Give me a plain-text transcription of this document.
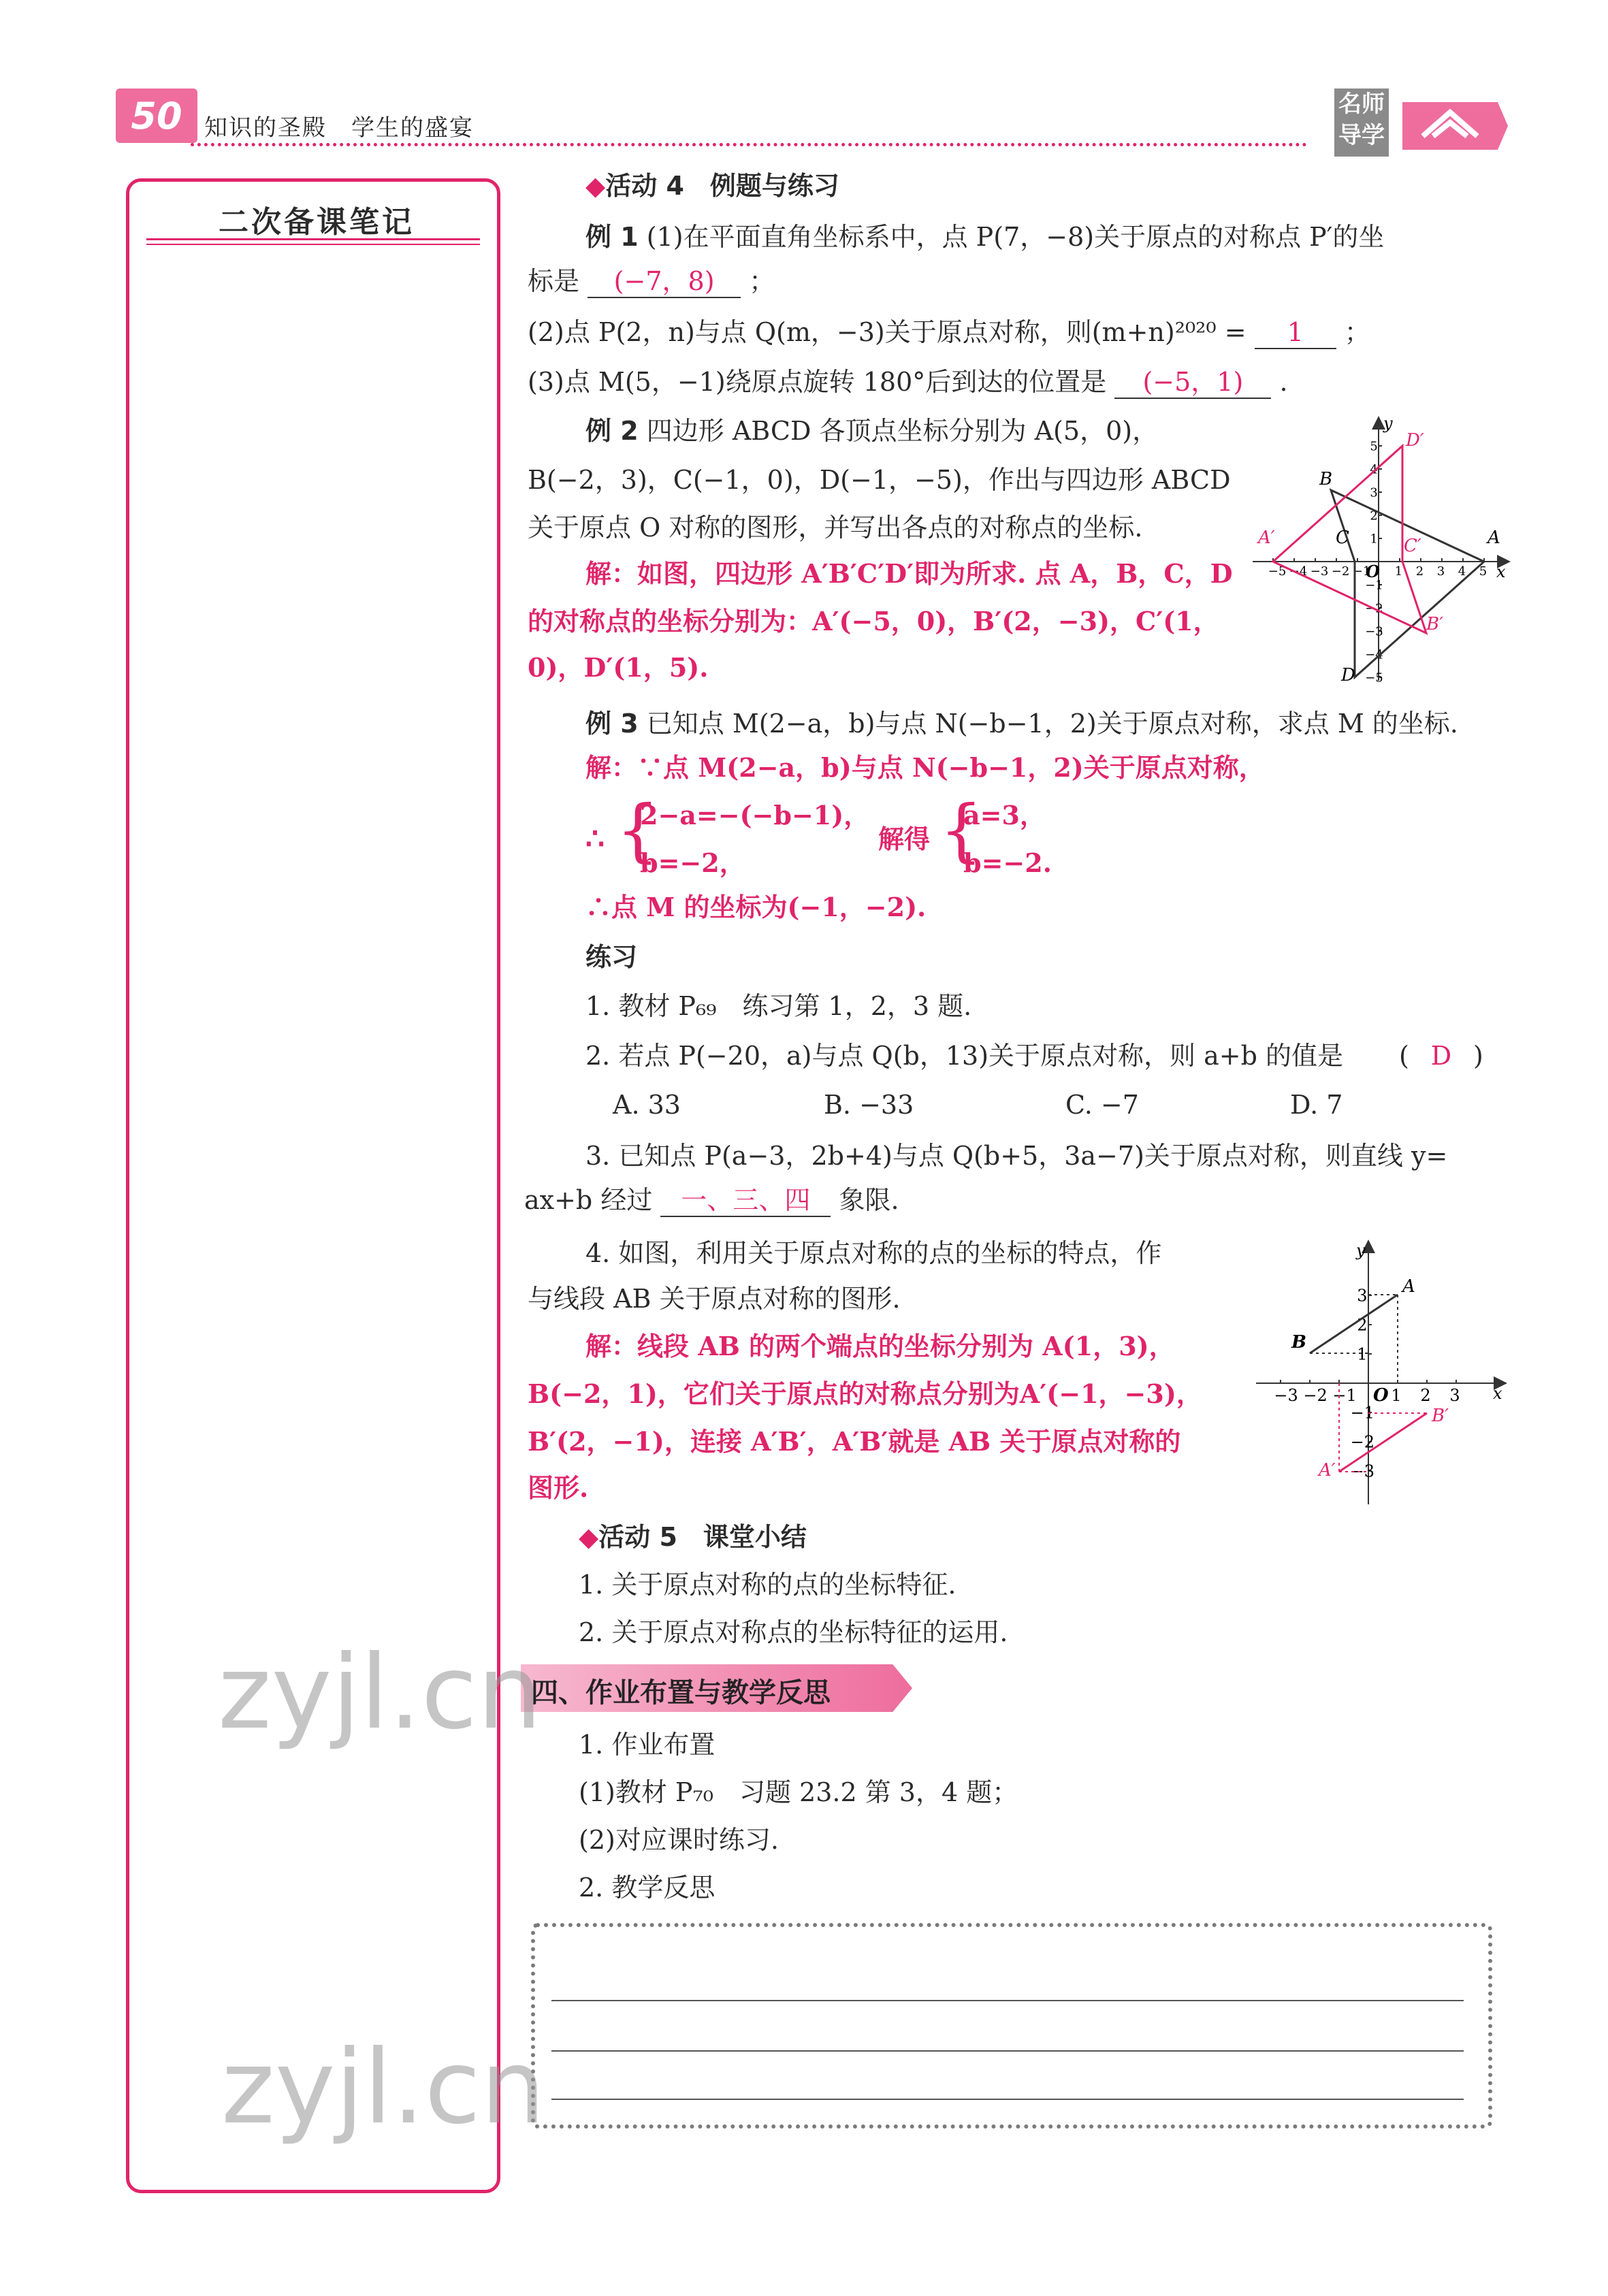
50 知识的圣殿　学生的盛宴
名师
导学
二次备课笔记
◆活动 4　例题与练习
例 1 (1)在平面直角坐标系中，点 P(7，−8)关于原点的对称点 P′的坐
标是 (−7，8) ；
(2)点 P(2，n)与点 Q(m，−3)关于原点对称，则(m+n)²⁰²⁰ = 1 ；
(3)点 M(5，−1)绕原点旋转 180°后到达的位置是 (−5，1) .
例 2 四边形 ABCD 各顶点坐标分别为 A(5，0)，
B(−2，3)，C(−1，0)，D(−1，−5)，作出与四边形 ABCD
关于原点 O 对称的图形，并写出各点的对称点的坐标.
解：如图，四边形 A′B′C′D′即为所求. 点 A，B，C，D
的对称点的坐标分别为：A′(−5，0)，B′(2，−3)，C′(1，
0)，D′(1，5).
−5 −4 −3 −2 −1 1 2 3 4 5
5
4
3
2
1
−1
−2
−3
−4
−5
x
y
O
A
B
C
D
A′
B′
C′
D′
例 3 已知点 M(2−a，b)与点 N(−b−1，2)关于原点对称，求点 M 的坐标.
解：∵点 M(2−a，b)与点 N(−b−1，2)关于原点对称，
∴ {
2−a=−(−b−1)，
b=−2，
解得 {
a=3，
b=−2.
∴点 M 的坐标为(−1，−2).
练习
1. 教材 P₆₉　练习第 1，2，3 题.
2. 若点 P(−20，a)与点 Q(b，13)关于原点对称，则 a+b 的值是 ( D )
A. 33	B. −33	C. −7	D. 7
3. 已知点 P(a−3，2b+4)与点 Q(b+5，3a−7)关于原点对称，则直线 y=
ax+b 经过 一、三、四 象限.
4. 如图，利用关于原点对称的点的坐标的特点，作
与线段 AB 关于原点对称的图形.
解：线段 AB 的两个端点的坐标分别为 A(1，3)，
B(−2，1)，它们关于原点的对称点分别为A′(−1，−3)，
B′(2，−1)，连接 A′B′，A′B′就是 AB 关于原点对称的
图形.
−3 −2 −1 1 2 3
3
2
1
−1
−2
−3
x
y
O
A
B
A′
B′
◆活动 5　课堂小结
1. 关于原点对称的点的坐标特征.
2. 关于原点对称点的坐标特征的运用.
四、作业布置与教学反思
1. 作业布置
(1)教材 P₇₀　习题 23.2 第 3，4 题；
(2)对应课时练习.
2. 教学反思
zyjl.cn
zyjl.cn
